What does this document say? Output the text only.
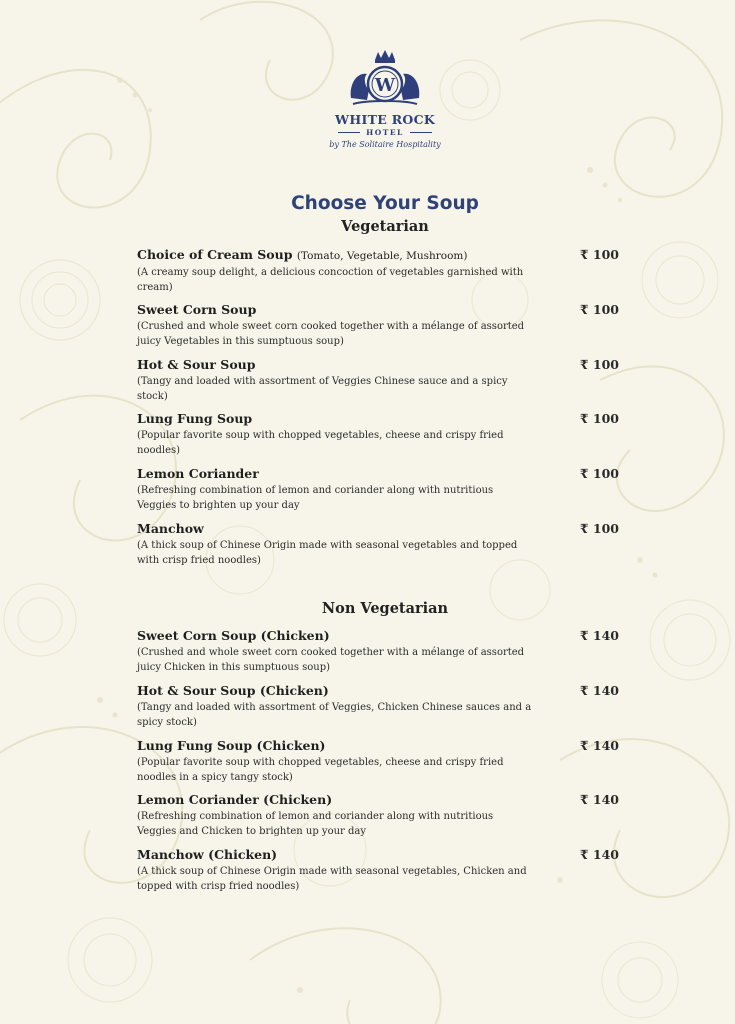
W
WHITE ROCK
HOTEL
by The Solitaire Hospitality
Choose Your Soup
Vegetarian
Choice of Cream Soup (Tomato, Vegetable, Mushroom)
(A creamy soup delight, a delicious concoction of vegetables garnished with cream)
₹ 100
Sweet Corn Soup
(Crushed and whole sweet corn cooked together with a mélange of assorted juicy Vegetables in this sumptuous soup)
₹ 100
Hot & Sour Soup
(Tangy and loaded with assortment of Veggies Chinese sauce and a spicy stock)
₹ 100
Lung Fung Soup
(Popular favorite soup with chopped vegetables, cheese and crispy fried noodles)
₹ 100
Lemon Coriander
(Refreshing combination of lemon and coriander along with nutritious Veggies to brighten up your day
₹ 100
Manchow
(A thick soup of Chinese Origin made with seasonal vegetables and topped with crisp fried noodles)
₹ 100
Non Vegetarian
Sweet Corn Soup (Chicken)
(Crushed and whole sweet corn cooked together with a mélange of assorted juicy Chicken in this sumptuous soup)
₹ 140
Hot & Sour Soup (Chicken)
(Tangy and loaded with assortment of Veggies, Chicken Chinese sauces and a spicy stock)
₹ 140
Lung Fung Soup (Chicken)
(Popular favorite soup with chopped vegetables, cheese and crispy fried noodles in a spicy tangy stock)
₹ 140
Lemon Coriander (Chicken)
(Refreshing combination of lemon and coriander along with nutritious Veggies and Chicken to brighten up your day
₹ 140
Manchow (Chicken)
(A thick soup of Chinese Origin made with seasonal vegetables, Chicken and topped with crisp fried noodles)
₹ 140
